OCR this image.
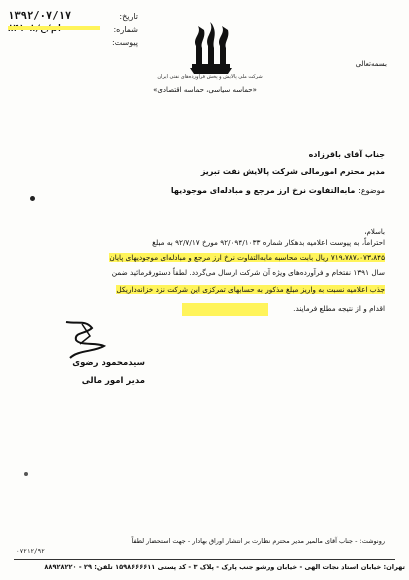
تاریخ:
۱۳۹۲/۰۷/۱۷
شماره:
پیوست:
شرکت ملی پالایش و پخش فرآورده‌های نفتی ایران
«حماسه سیاسی، حماسه اقتصادی»
بسمه‌تعالی
جناب آقای باقرزاده
مدیر محترم امورمالی شرکت پالایش نفت تبریز
موضوع: مابه‌التفاوت نرخ ارز مرجع و مبادله‌ای موجودیها
باسلام،
احتراماً، به پیوست اعلامیه بدهکار شماره ۹۲/۰۹۴/۱۰۳۳ مورخ ۹۲/۷/۱۷ به مبلغ
۷۱۹،۷۸۷،۰۷۳،۸۴۵ ریال بابت محاسبه مابه‌التفاوت نرخ ارز مرجع و مبادله‌ای موجودیهای پایان
سال ۱۳۹۱ نفتخام و فرآورده‌های ویژه آن شرکت ارسال می‌گردد. لطفاً دستورفرمائید ضمن
جذب اعلامیه نسبت به واریز مبلغ مذکور به حسابهای تمرکزی این شرکت نزد خزانه‌داریکل
اقدام و از نتیجه مطلع فرمایند.
سیدمحمود رضوی
مدیر امور مالی
رونوشت: - جناب آقای مالمیر مدیر محترم نظارت بر انتشار اوراق بهادار - جهت استحضار لطفاً
۰۷۲۱۲/۹۲
تهران: خیابان استاد نجات الهی - خیابان ورشو جنب پارک - پلاک ۳ - کد پستی ۱۵۹۸۶۶۶۶۱۱ تلفن: ۲۹ - ۸۸۹۲۸۲۲۰
